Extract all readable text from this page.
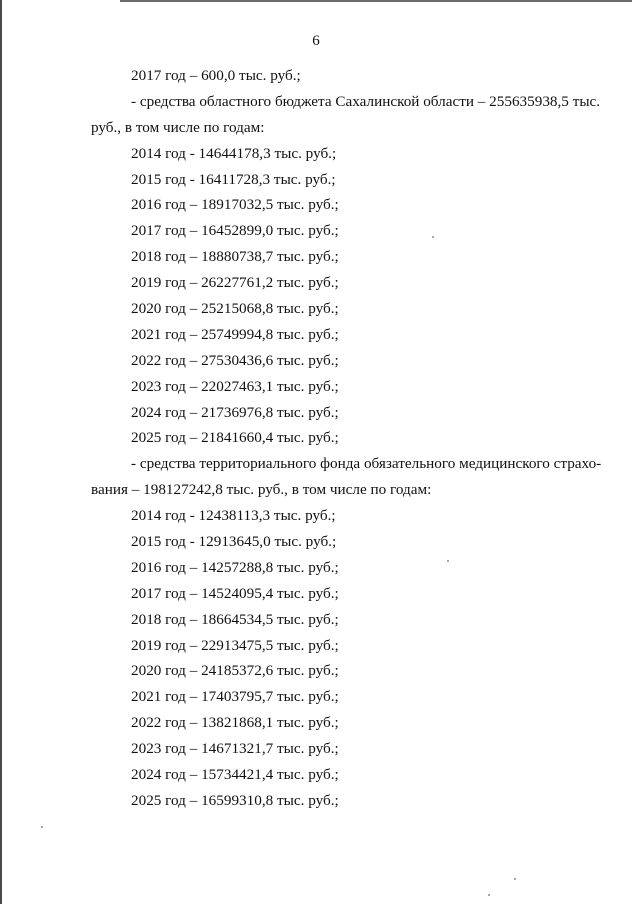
6
2017 год – 600,0 тыс. руб.;
- средства областного бюджета Сахалинской области – 255635938,5 тыс.
руб., в том числе по годам:
2014 год - 14644178,3 тыс. руб.;
2015 год - 16411728,3 тыс. руб.;
2016 год – 18917032,5 тыс. руб.;
2017 год – 16452899,0 тыс. руб.;
2018 год – 18880738,7 тыс. руб.;
2019 год – 26227761,2 тыс. руб.;
2020 год – 25215068,8 тыс. руб.;
2021 год – 25749994,8 тыс. руб.;
2022 год – 27530436,6 тыс. руб.;
2023 год – 22027463,1 тыс. руб.;
2024 год – 21736976,8 тыс. руб.;
2025 год – 21841660,4 тыс. руб.;
- средства территориального фонда обязательного медицинского страхо-
вания – 198127242,8 тыс. руб., в том числе по годам:
2014 год - 12438113,3 тыс. руб.;
2015 год - 12913645,0 тыс. руб.;
2016 год – 14257288,8 тыс. руб.;
2017 год – 14524095,4 тыс. руб.;
2018 год – 18664534,5 тыс. руб.;
2019 год – 22913475,5 тыс. руб.;
2020 год – 24185372,6 тыс. руб.;
2021 год – 17403795,7 тыс. руб.;
2022 год – 13821868,1 тыс. руб.;
2023 год – 14671321,7 тыс. руб.;
2024 год – 15734421,4 тыс. руб.;
2025 год – 16599310,8 тыс. руб.;
